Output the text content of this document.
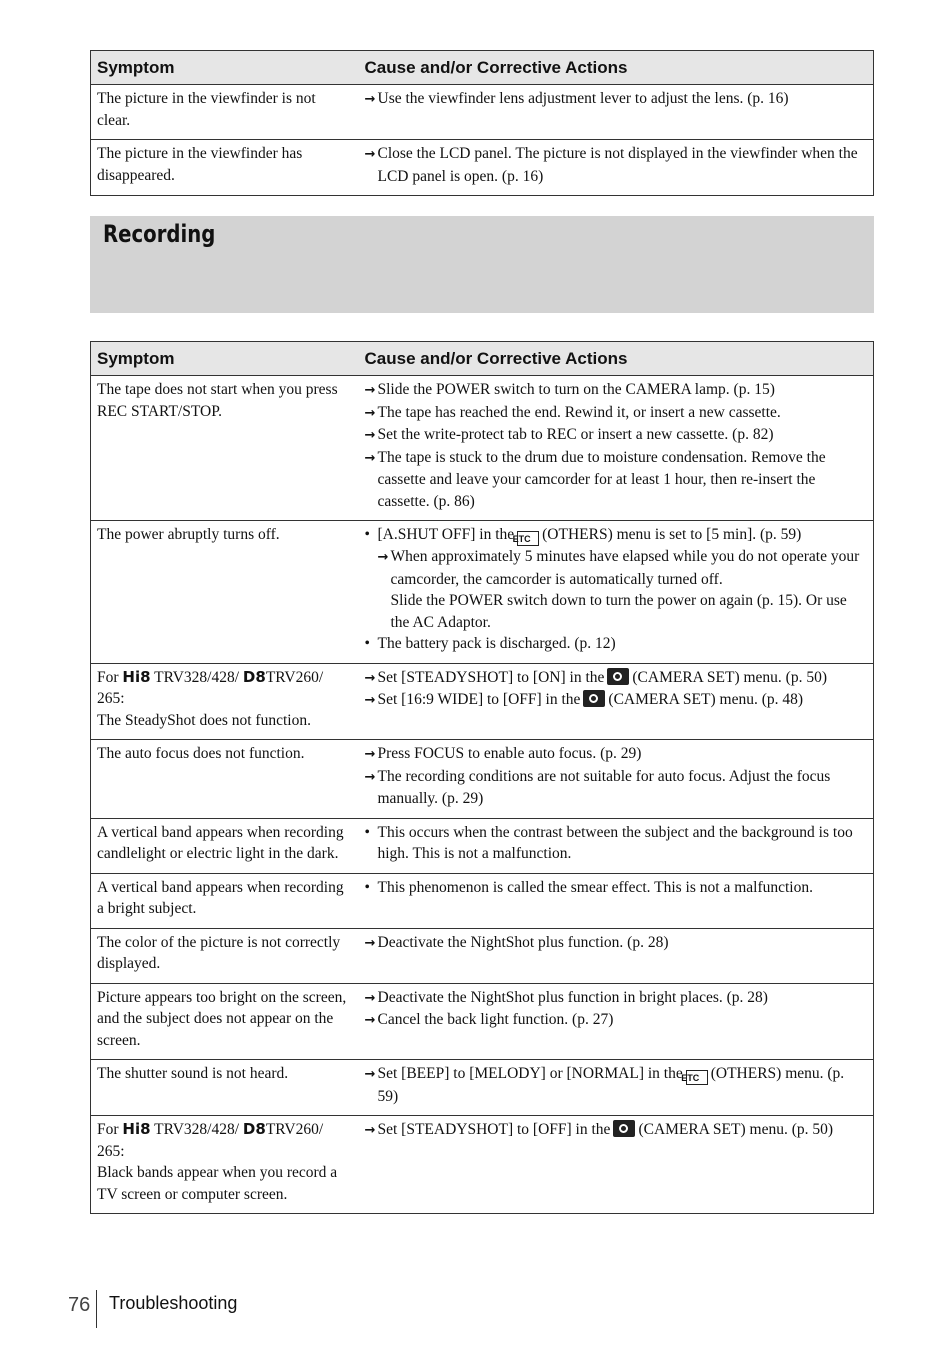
Symptom	Cause and/or Corrective Actions
The picture in the viewfinder is not clear.	→ Use the viewfinder lens adjustment lever to adjust the lens. (p. 16)

The picture in the viewfinder has disappeared.	→ Close the LCD panel. The picture is not displayed in the viewfinder when the LCD panel is open. (p. 16)
Recording
Symptom	Cause and/or Corrective Actions
The tape does not start when you press REC START/STOP.	→ Slide the POWER switch to turn on the CAMERA lamp. (p. 15)
→ The tape has reached the end. Rewind it, or insert a new cassette.
→ Set the write-protect tab to REC or insert a new cassette. (p. 82)
→ The tape is stuck to the drum due to moisture condensation. Remove the cassette and leave your camcorder for at least 1 hour, then re-insert the cassette. (p. 86)

The power abruptly turns off.	• [A.SHUT OFF] in theETC (OTHERS) menu is set to [5 min]. (p. 59)
→ When approximately 5 minutes have elapsed while you do not operate your camcorder, the camcorder is automatically turned off.
Slide the POWER switch down to turn the power on again (p. 15). Or use the AC Adaptor.
• The battery pack is discharged. (p. 12)

For Hi8 TRV328/428/ D8TRV260/ 265:
The SteadyShot does not function.	→ Set [STEADYSHOT] to [ON] in the (CAMERA SET) menu. (p. 50)
→ Set [16:9 WIDE] to [OFF] in the (CAMERA SET) menu. (p. 48)

The auto focus does not function.	→ Press FOCUS to enable auto focus. (p. 29)
→ The recording conditions are not suitable for auto focus. Adjust the focus manually. (p. 29)

A vertical band appears when recording candlelight or electric light in the dark.	• This occurs when the contrast between the subject and the background is too high. This is not a malfunction.

A vertical band appears when recording a bright subject.	• This phenomenon is called the smear effect. This is not a malfunction.

The color of the picture is not correctly displayed.	→ Deactivate the NightShot plus function. (p. 28)

Picture appears too bright on the screen, and the subject does not appear on the screen.	→ Deactivate the NightShot plus function in bright places. (p. 28)
→ Cancel the back light function. (p. 27)

The shutter sound is not heard.	→ Set [BEEP] to [MELODY] or [NORMAL] in theETC (OTHERS) menu. (p. 59)

For Hi8 TRV328/428/ D8TRV260/ 265:
Black bands appear when you record a TV screen or computer screen.	→ Set [STEADYSHOT] to [OFF] in the (CAMERA SET) menu. (p. 50)
76 Troubleshooting
